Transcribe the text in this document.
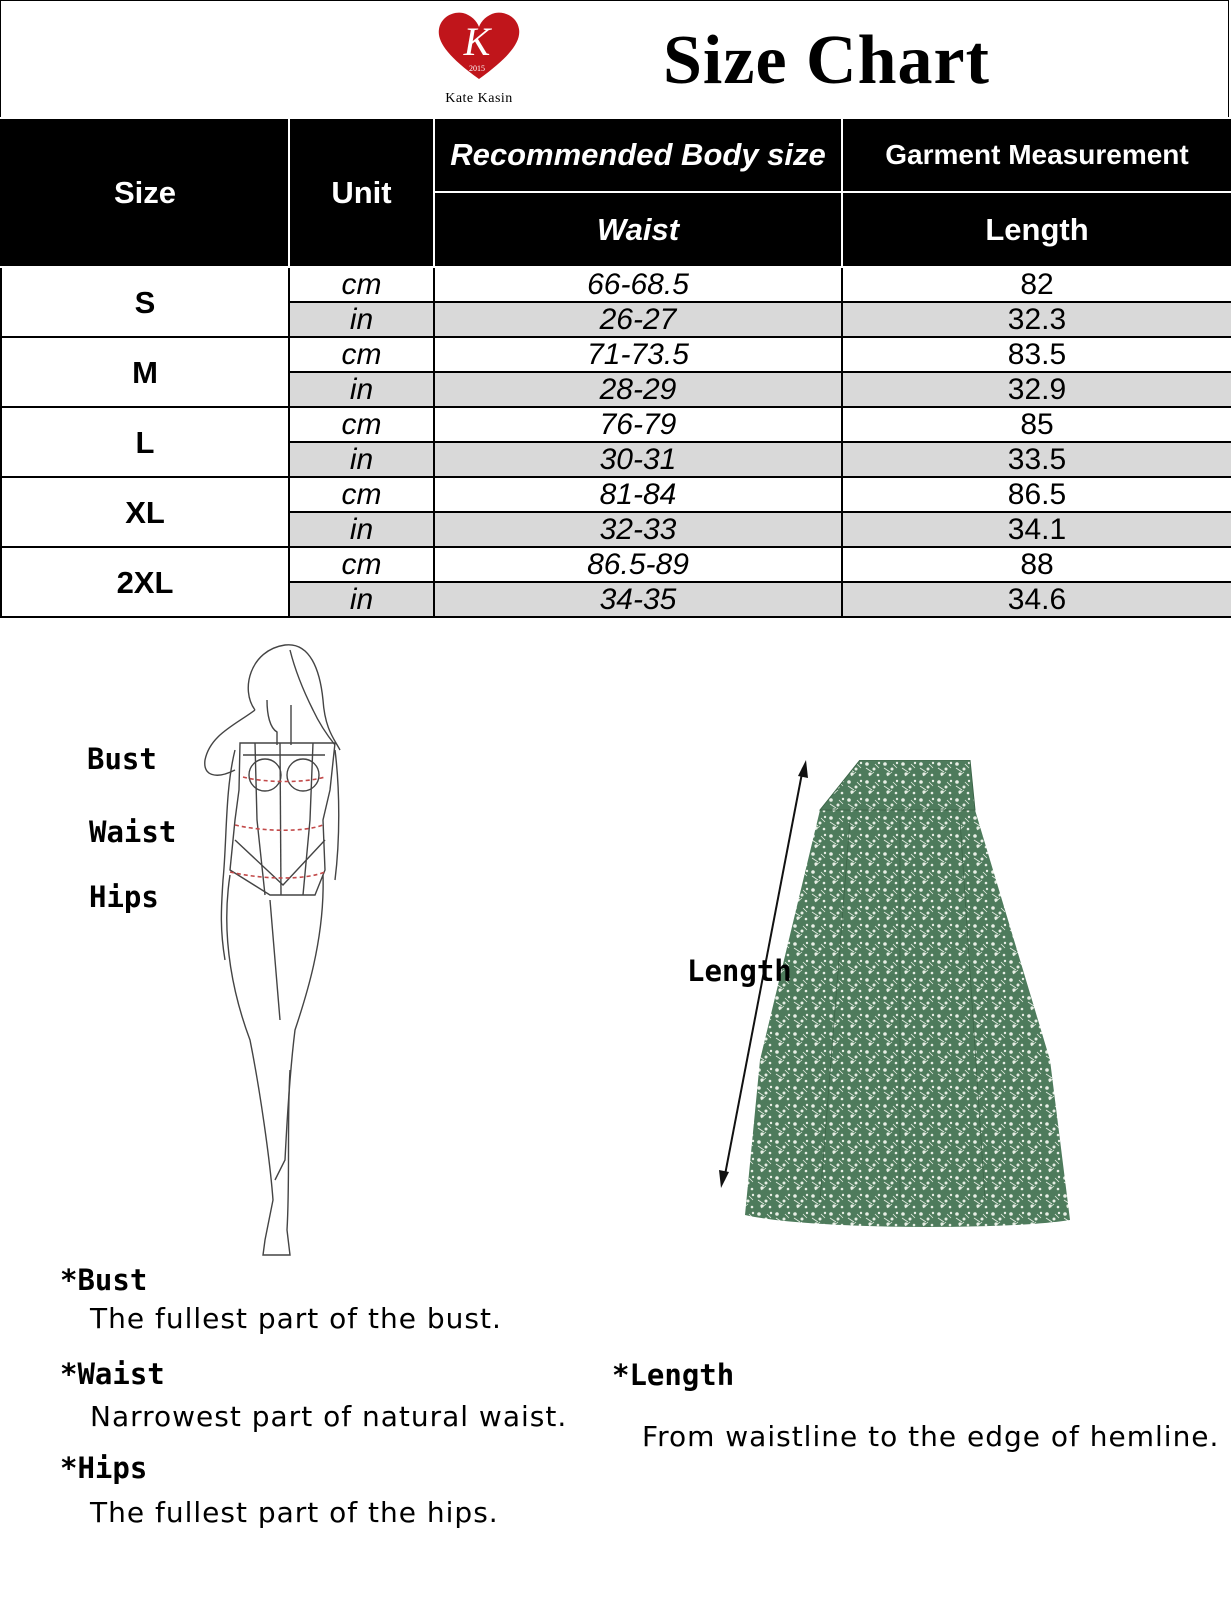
K
2015
Kate Kasin Size Chart
Size	Unit	Recommended Body size	Garment Measurement
		Waist	Length
S	cm	66-68.5	82
	in	26-27	32.3
M	cm	71-73.5	83.5
	in	28-29	32.9
L	cm	76-79	85
	in	30-31	33.5
XL	cm	81-84	86.5
	in	32-33	34.1
2XL	cm	86.5-89	88
	in	34-35	34.6
Bust
Waist
Hips
Length
*Bust
The fullest part of the bust.
*Waist
Narrowest part of natural waist.
*Hips
The fullest part of the hips.
*Length
From waistline to the edge of hemline.
